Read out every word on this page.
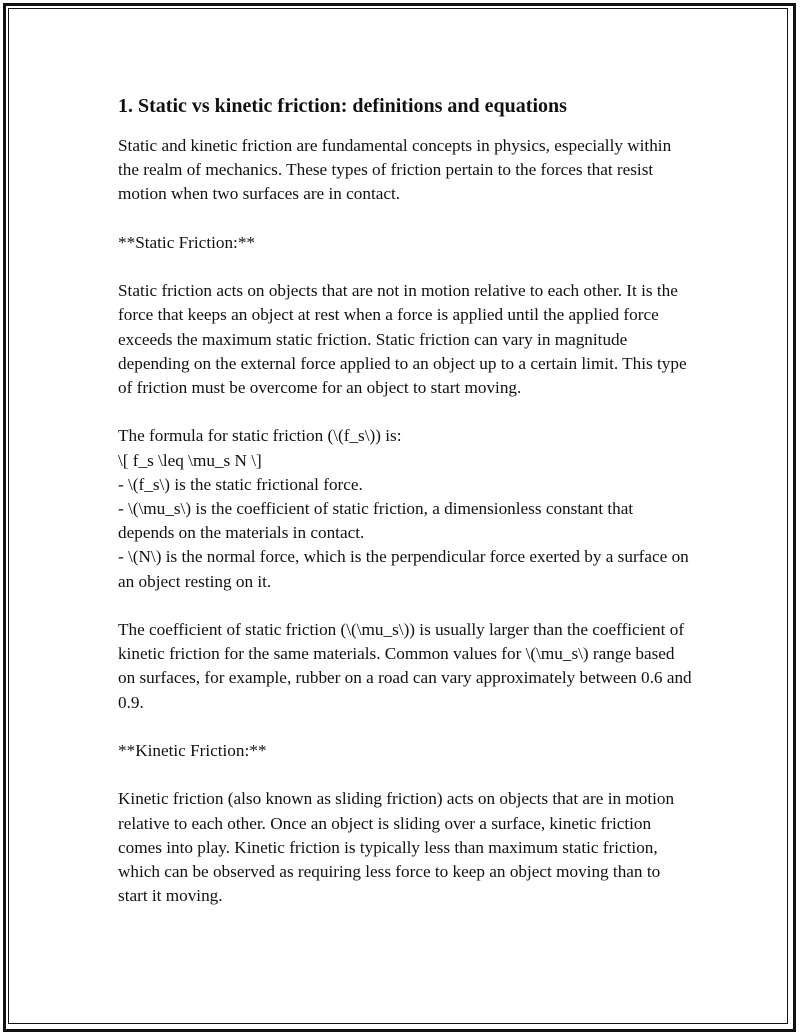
1. Static vs kinetic friction: definitions and equations

Static and kinetic friction are fundamental concepts in physics, especially within the realm of mechanics. These types of friction pertain to the forces that resist motion when two surfaces are in contact.

**Static Friction:**

Static friction acts on objects that are not in motion relative to each other. It is the force that keeps an object at rest when a force is applied until the applied force exceeds the maximum static friction. Static friction can vary in magnitude depending on the external force applied to an object up to a certain limit. This type of friction must be overcome for an object to start moving.

The formula for static friction (\(f_s\)) is:
\[ f_s \leq \mu_s N \]
- \(f_s\) is the static frictional force.
- \(\mu_s\) is the coefficient of static friction, a dimensionless constant that depends on the materials in contact.
- \(N\) is the normal force, which is the perpendicular force exerted by a surface on an object resting on it.

The coefficient of static friction (\(\mu_s\)) is usually larger than the coefficient of kinetic friction for the same materials. Common values for \(\mu_s\) range based on surfaces, for example, rubber on a road can vary approximately between 0.6 and 0.9.

**Kinetic Friction:**

Kinetic friction (also known as sliding friction) acts on objects that are in motion relative to each other. Once an object is sliding over a surface, kinetic friction comes into play. Kinetic friction is typically less than maximum static friction, which can be observed as requiring less force to keep an object moving than to start it moving.
